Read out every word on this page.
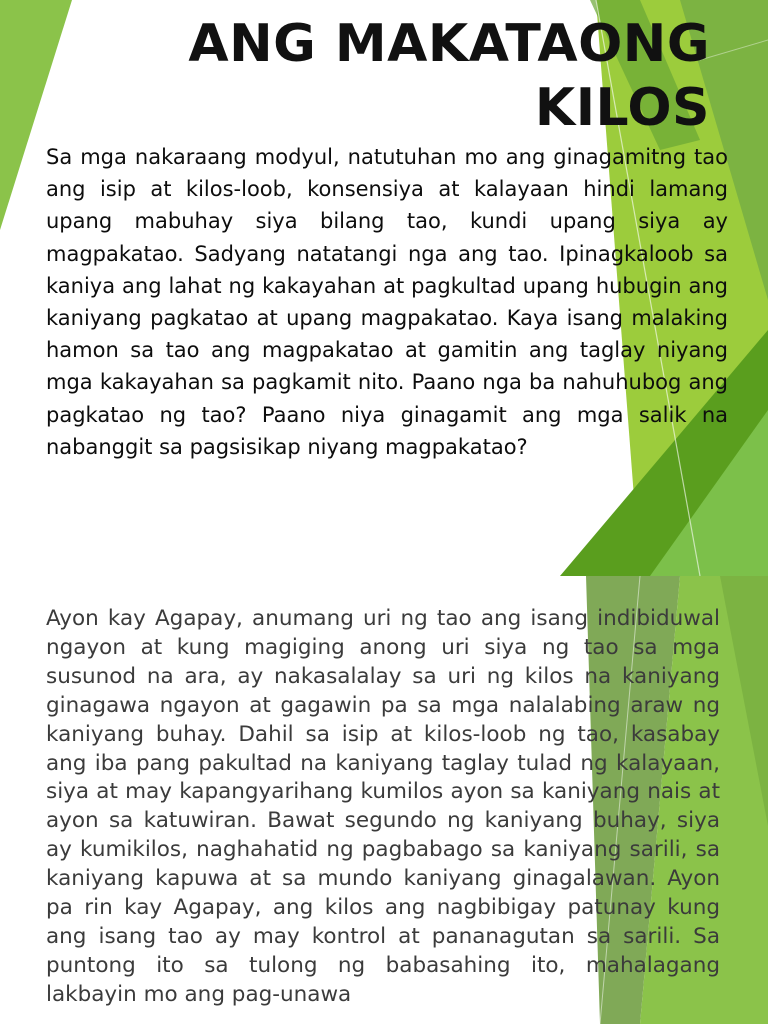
ANG MAKATAONG
KILOS

Sa mga nakaraang modyul, natutuhan mo ang ginagamitng tao ang isip at kilos-loob, konsensiya at kalayaan hindi lamang upang mabuhay siya bilang tao, kundi upang siya ay magpakatao. Sadyang natatangi nga ang tao. Ipinagkaloob sa kaniya ang lahat ng kakayahan at pagkultad upang hubugin ang kaniyang pagkatao at upang magpakatao. Kaya isang malaking hamon sa tao ang magpakatao at gamitin ang taglay niyang mga kakayahan sa pagkamit nito. Paano nga ba nahuhubog ang pagkatao ng tao? Paano niya ginagamit ang mga salik na nabanggit sa pagsisikap niyang magpakatao?

Ayon kay Agapay, anumang uri ng tao ang isang indibiduwal ngayon at kung magiging anong uri siya ng tao sa mga susunod na ara, ay nakasalalay sa uri ng kilos na kaniyang ginagawa ngayon at gagawin pa sa mga nalalabing araw ng kaniyang buhay. Dahil sa isip at kilos-loob ng tao, kasabay ang iba pang pakultad na kaniyang taglay tulad ng kalayaan, siya at may kapangyarihang kumilos ayon sa kaniyang nais at ayon sa katuwiran. Bawat segundo ng kaniyang buhay, siya ay kumikilos, naghahatid ng pagbabago sa kaniyang sarili, sa kaniyang kapuwa at sa mundo kaniyang ginagalawan. Ayon pa rin kay Agapay, ang kilos ang nagbibigay patunay kung ang isang tao ay may kontrol at pananagutan sa sarili. Sa puntong ito sa tulong ng babasahing ito, mahalagang lakbayin mo ang pag-unawa
